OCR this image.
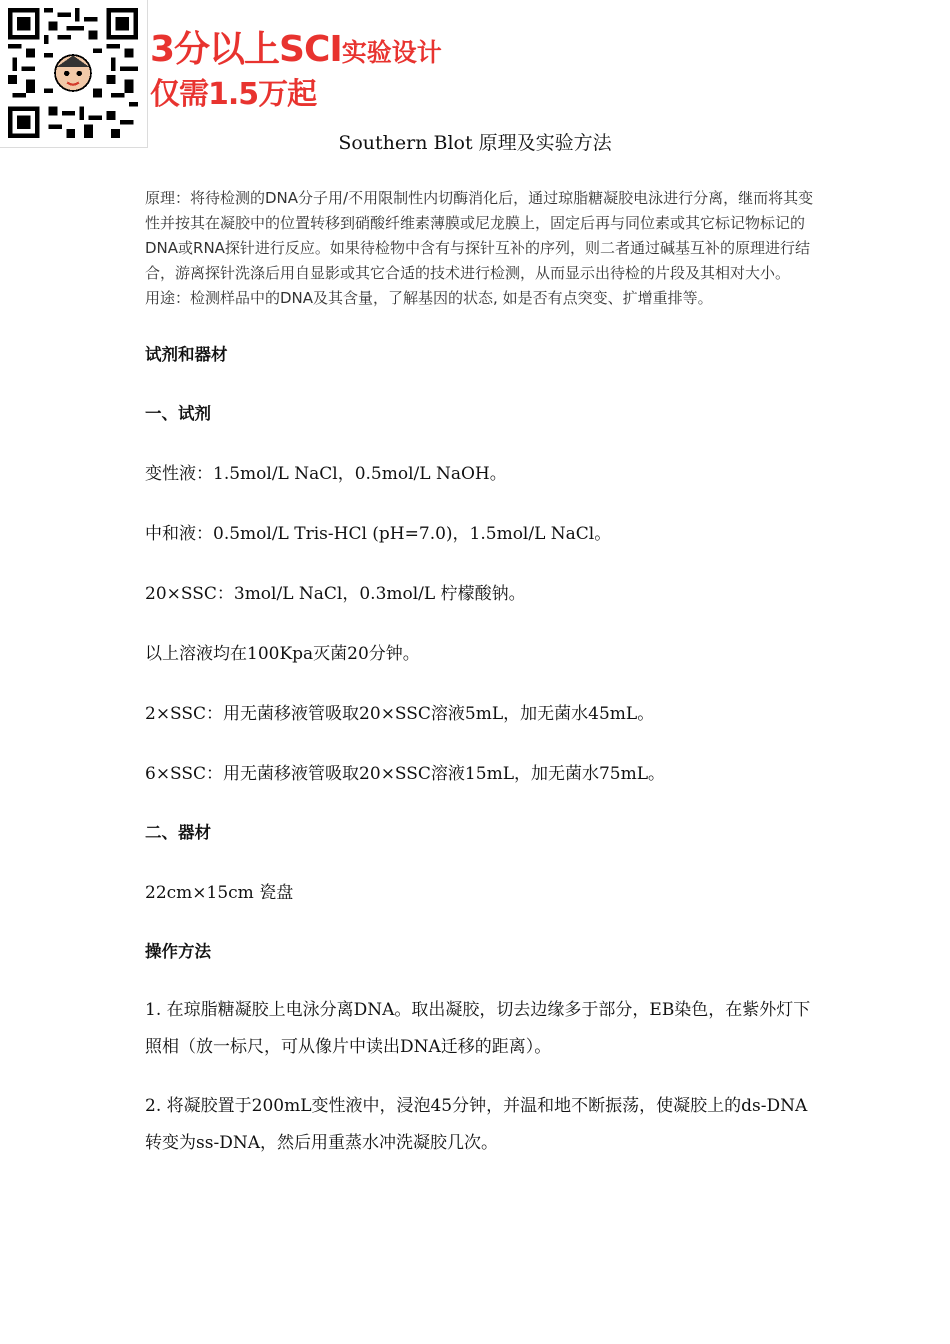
3分以上SCI实验设计
仅需1.5万起
Southern Blot 原理及实验方法

原理：将待检测的DNA分子用/不用限制性内切酶消化后，通过琼脂糖凝胶电泳进行分离，继而将其变性并按其在凝胶中的位置转移到硝酸纤维素薄膜或尼龙膜上，固定后再与同位素或其它标记物标记的DNA或RNA探针进行反应。如果待检物中含有与探针互补的序列，则二者通过碱基互补的原理进行结合，游离探针洗涤后用自显影或其它合适的技术进行检测，从而显示出待检的片段及其相对大小。

用途：检测样品中的DNA及其含量，了解基因的状态, 如是否有点突变、扩增重排等。

试剂和器材

一、试剂

变性液：1.5mol/L NaCl，0.5mol/L NaOH。

中和液：0.5mol/L Tris-HCl (pH=7.0)，1.5mol/L NaCl。

20×SSC：3mol/L NaCl，0.3mol/L 柠檬酸钠。

以上溶液均在100Kpa灭菌20分钟。

2×SSC：用无菌移液管吸取20×SSC溶液5mL，加无菌水45mL。

6×SSC：用无菌移液管吸取20×SSC溶液15mL，加无菌水75mL。

二、器材

22cm×15cm 瓷盘

操作方法

1. 在琼脂糖凝胶上电泳分离DNA。取出凝胶，切去边缘多于部分，EB染色，在紫外灯下照相（放一标尺，可从像片中读出DNA迁移的距离）。

2. 将凝胶置于200mL变性液中，浸泡45分钟，并温和地不断振荡，使凝胶上的ds-DNA转变为ss-DNA，然后用重蒸水冲洗凝胶几次。
